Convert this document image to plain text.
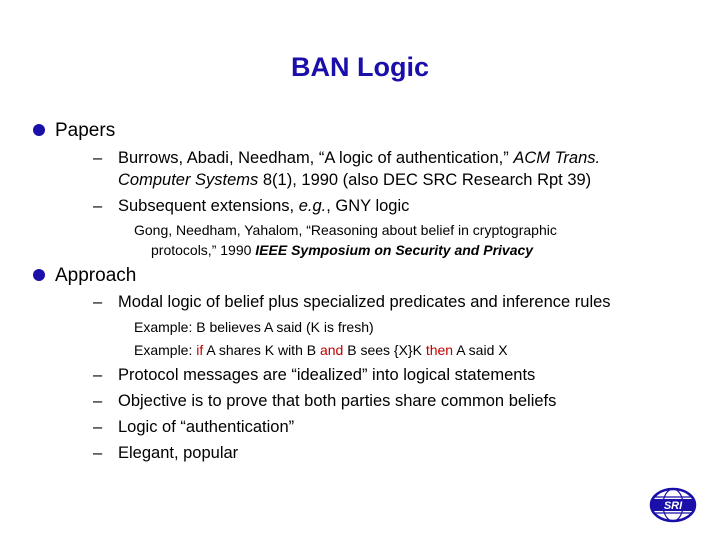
BAN Logic
Papers
– Burrows, Abadi, Needham, “A logic of authentication,” ACM Trans.
Computer Systems 8(1), 1990 (also DEC SRC Research Rpt 39)
– Subsequent extensions, e.g., GNY logic
Gong, Needham, Yahalom, “Reasoning about belief in cryptographic
protocols,” 1990 IEEE Symposium on Security and Privacy
Approach
– Modal logic of belief plus specialized predicates and inference rules
Example: B believes A said (K is fresh)
Example: if A shares K with B and B sees {X}K then A said X
– Protocol messages are “idealized” into logical statements
– Objective is to prove that both parties share common beliefs
– Logic of “authentication”
– Elegant, popular
SRI
